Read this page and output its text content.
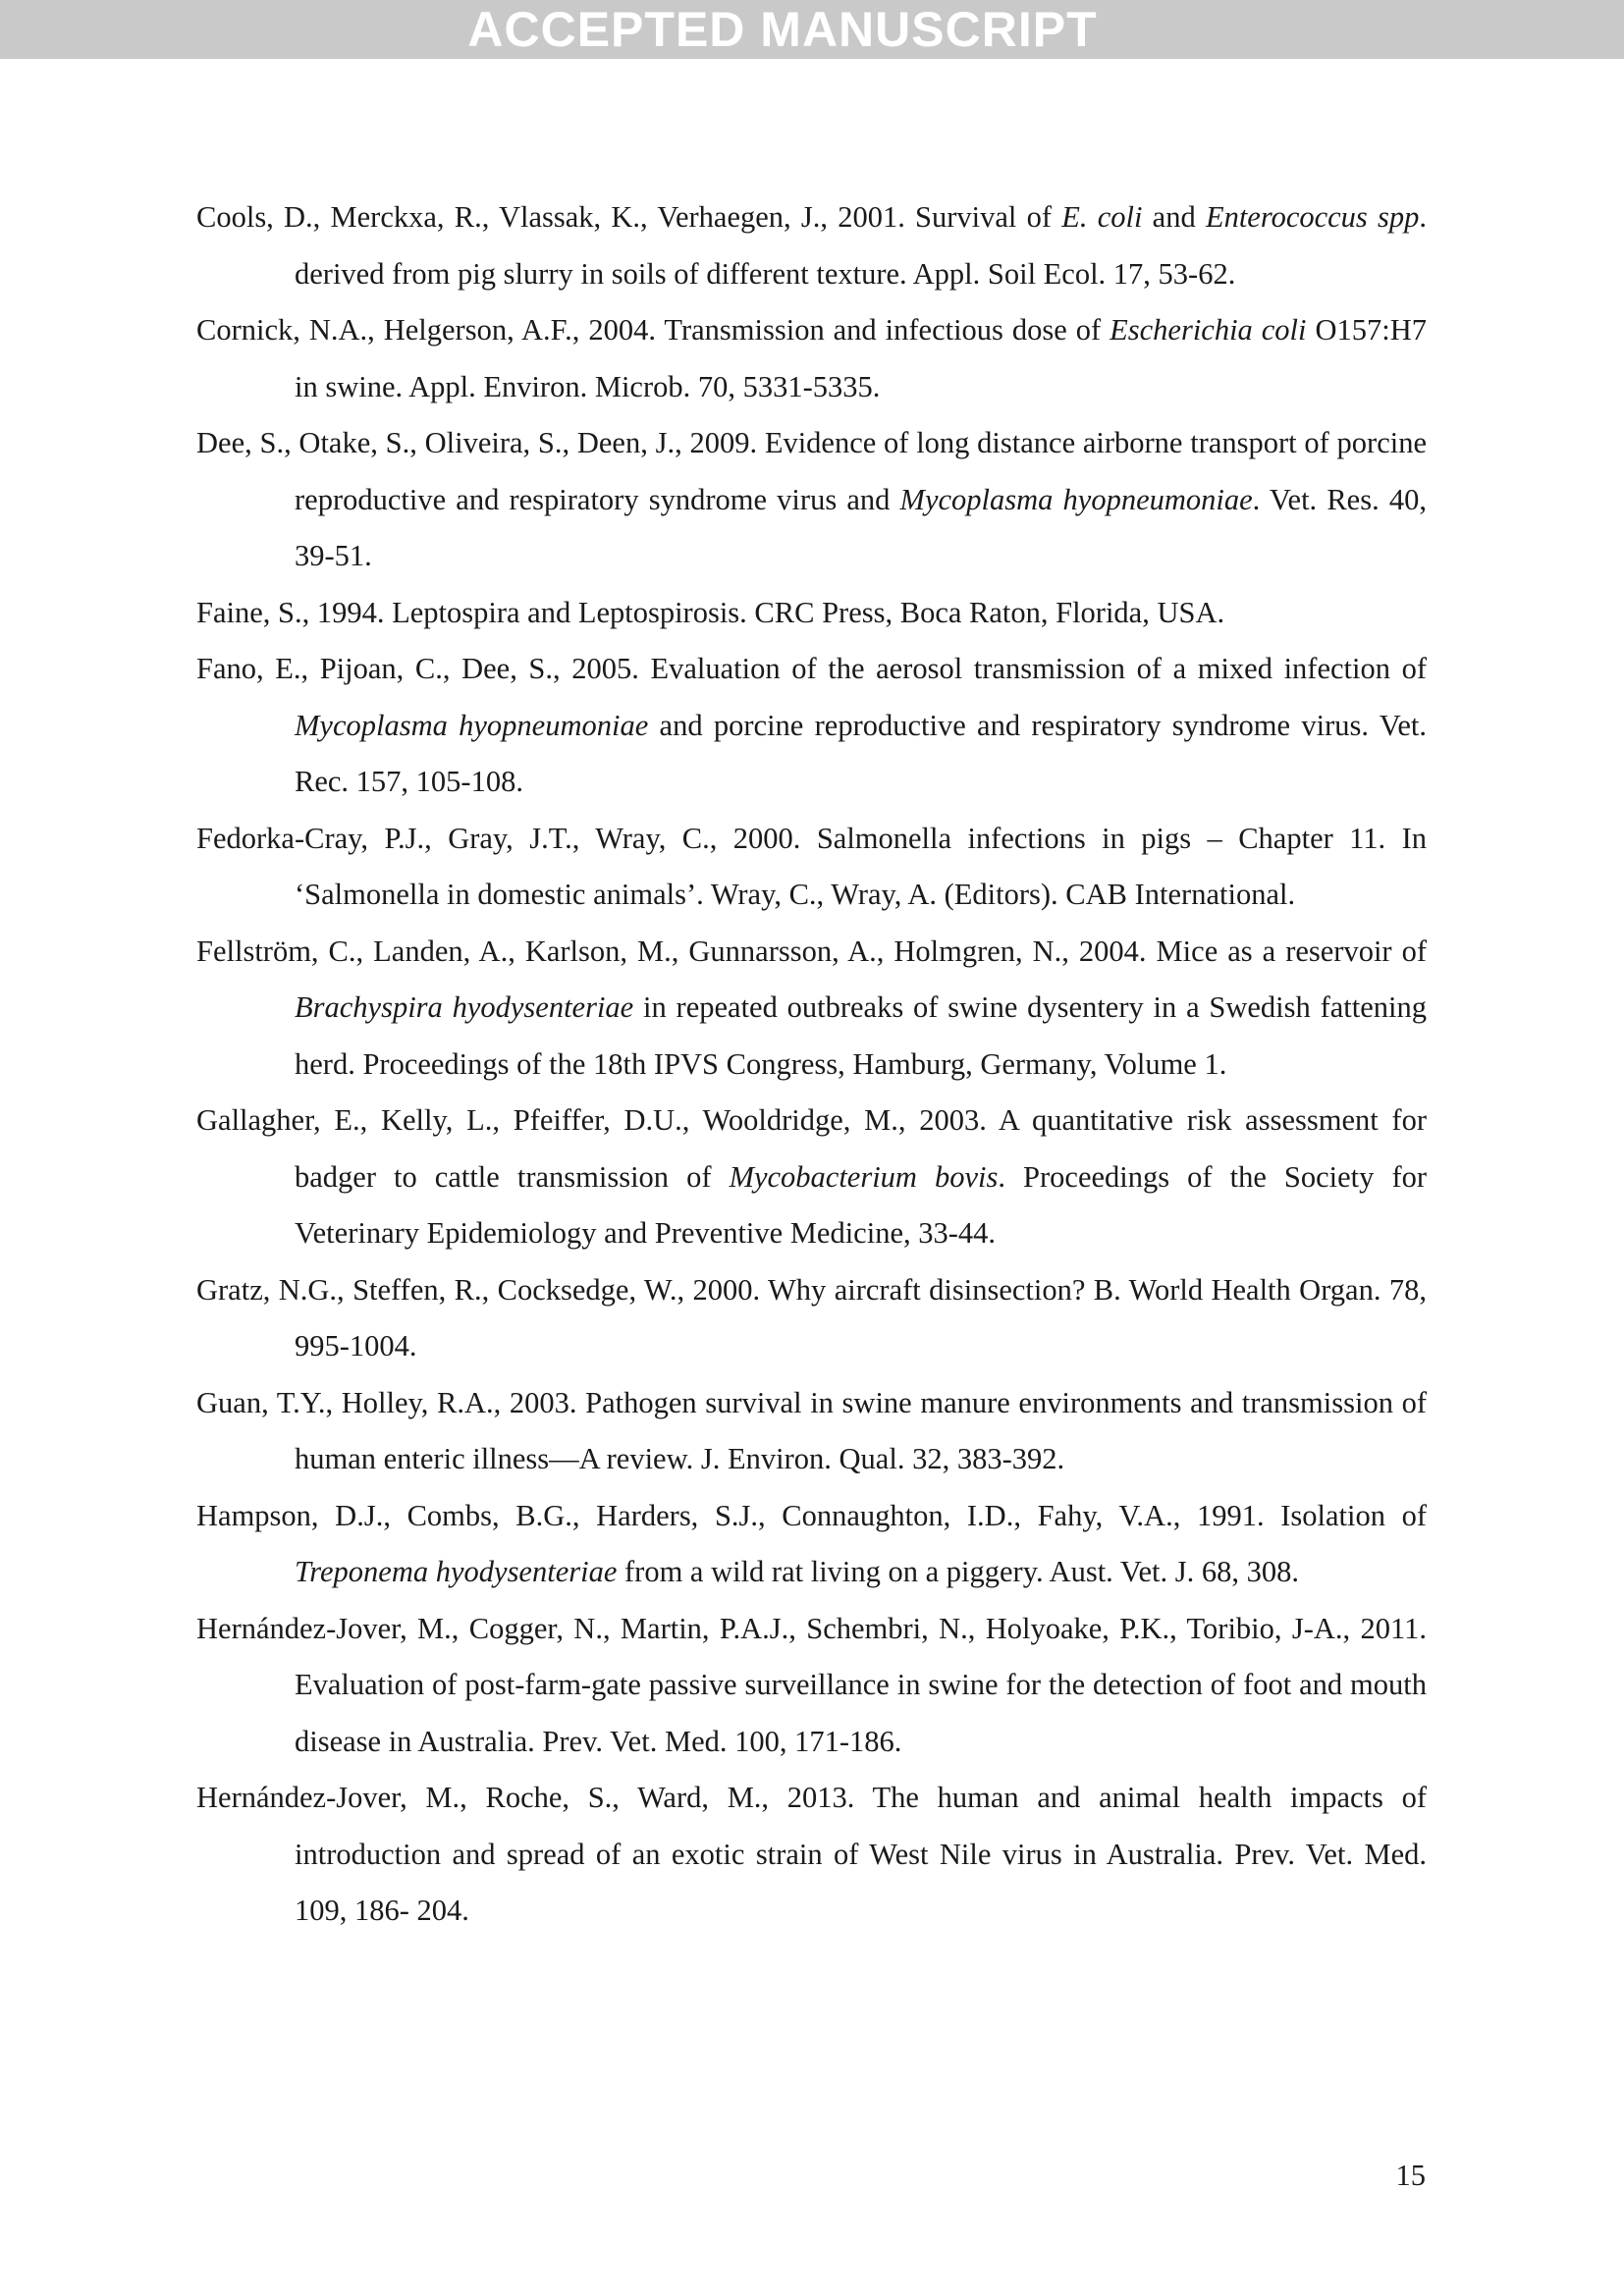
ACCEPTED MANUSCRIPT

Cools, D., Merckxa, R., Vlassak, K., Verhaegen, J., 2001. Survival of E. coli and Enterococcus spp. derived from pig slurry in soils of different texture. Appl. Soil Ecol. 17, 53-62.

Cornick, N.A., Helgerson, A.F., 2004. Transmission and infectious dose of Escherichia coli O157:H7 in swine. Appl. Environ. Microb. 70, 5331-5335.

Dee, S., Otake, S., Oliveira, S., Deen, J., 2009. Evidence of long distance airborne transport of porcine reproductive and respiratory syndrome virus and Mycoplasma hyopneumoniae. Vet. Res. 40, 39-51.

Faine, S., 1994. Leptospira and Leptospirosis. CRC Press, Boca Raton, Florida, USA.

Fano, E., Pijoan, C., Dee, S., 2005. Evaluation of the aerosol transmission of a mixed infection of Mycoplasma hyopneumoniae and porcine reproductive and respiratory syndrome virus. Vet. Rec. 157, 105-108.

Fedorka-Cray, P.J., Gray, J.T., Wray, C., 2000. Salmonella infections in pigs – Chapter 11. In ‘Salmonella in domestic animals’. Wray, C., Wray, A. (Editors). CAB International.

Fellström, C., Landen, A., Karlson, M., Gunnarsson, A., Holmgren, N., 2004. Mice as a reservoir of Brachyspira hyodysenteriae in repeated outbreaks of swine dysentery in a Swedish fattening herd. Proceedings of the 18th IPVS Congress, Hamburg, Germany, Volume 1.

Gallagher, E., Kelly, L., Pfeiffer, D.U., Wooldridge, M., 2003. A quantitative risk assessment for badger to cattle transmission of Mycobacterium bovis. Proceedings of the Society for Veterinary Epidemiology and Preventive Medicine, 33-44.

Gratz, N.G., Steffen, R., Cocksedge, W., 2000. Why aircraft disinsection? B. World Health Organ. 78, 995-1004.

Guan, T.Y., Holley, R.A., 2003. Pathogen survival in swine manure environments and transmission of human enteric illness—A review. J. Environ. Qual. 32, 383-392.

Hampson, D.J., Combs, B.G., Harders, S.J., Connaughton, I.D., Fahy, V.A., 1991. Isolation of Treponema hyodysenteriae from a wild rat living on a piggery. Aust. Vet. J. 68, 308.

Hernández-Jover, M., Cogger, N., Martin, P.A.J., Schembri, N., Holyoake, P.K., Toribio, J-A., 2011. Evaluation of post-farm-gate passive surveillance in swine for the detection of foot and mouth disease in Australia. Prev. Vet. Med. 100, 171-186.

Hernández-Jover, M., Roche, S., Ward, M., 2013. The human and animal health impacts of introduction and spread of an exotic strain of West Nile virus in Australia. Prev. Vet. Med. 109, 186- 204.

15
